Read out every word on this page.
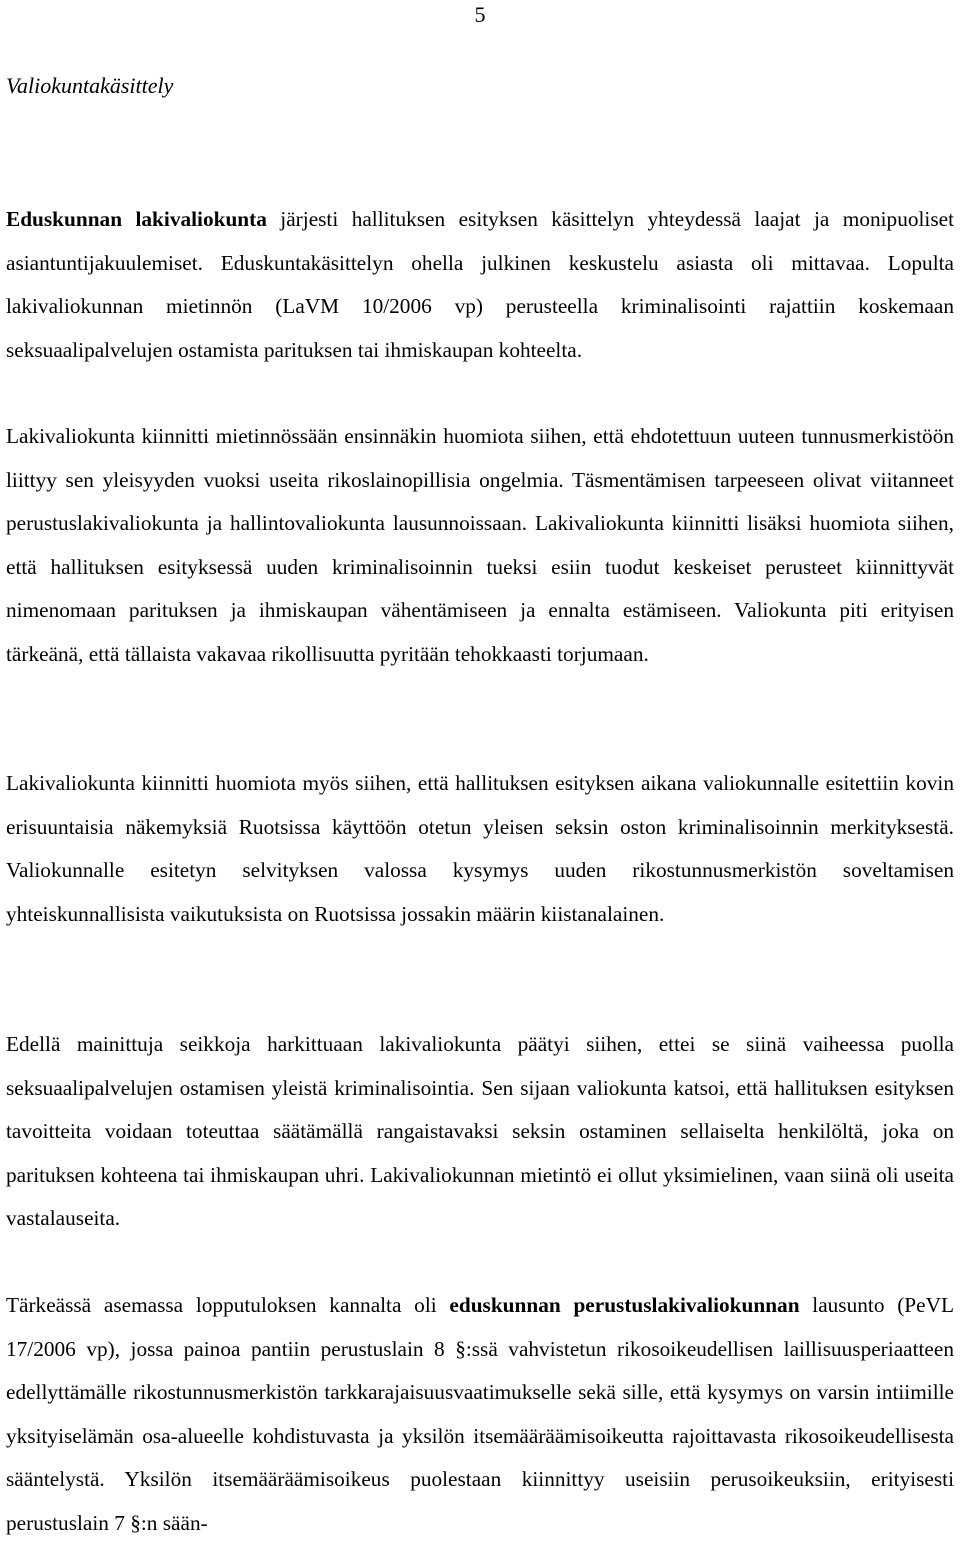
5
Valiokuntakäsittely

Eduskunnan lakivaliokunta järjesti hallituksen esityksen käsittelyn yhteydessä laajat ja monipuoliset asiantuntijakuulemiset. Eduskuntakäsittelyn ohella julkinen keskustelu asiasta oli mittavaa. Lopulta lakivaliokunnan mietinnön (LaVM 10/2006 vp) perusteella kriminalisointi rajattiin koskemaan seksuaalipalvelujen ostamista parituksen tai ihmiskaupan kohteelta.

Lakivaliokunta kiinnitti mietinnössään ensinnäkin huomiota siihen, että ehdotettuun uuteen tunnusmerkistöön liittyy sen yleisyyden vuoksi useita rikoslainopillisia ongelmia. Täsmentämisen tarpeeseen olivat viitanneet perustuslakivaliokunta ja hallintovaliokunta lausunnoissaan. Lakivaliokunta kiinnitti lisäksi huomiota siihen, että hallituksen esityksessä uuden kriminalisoinnin tueksi esiin tuodut keskeiset perusteet kiinnittyvät nimenomaan parituksen ja ihmiskaupan vähentämiseen ja ennalta estämiseen. Valiokunta piti erityisen tärkeänä, että tällaista vakavaa rikollisuutta pyritään tehokkaasti torjumaan.

Lakivaliokunta kiinnitti huomiota myös siihen, että hallituksen esityksen aikana valiokunnalle esitettiin kovin erisuuntaisia näkemyksiä Ruotsissa käyttöön otetun yleisen seksin oston kriminalisoinnin merkityksestä. Valiokunnalle esitetyn selvityksen valossa kysymys uuden rikostunnusmerkistön soveltamisen yhteiskunnallisista vaikutuksista on Ruotsissa jossakin määrin kiistanalainen.

Edellä mainittuja seikkoja harkittuaan lakivaliokunta päätyi siihen, ettei se siinä vaiheessa puolla seksuaalipalvelujen ostamisen yleistä kriminalisointia. Sen sijaan valiokunta katsoi, että hallituksen esityksen tavoitteita voidaan toteuttaa säätämällä rangaistavaksi seksin ostaminen sellaiselta henkilöltä, joka on parituksen kohteena tai ihmiskaupan uhri. Lakivaliokunnan mietintö ei ollut yksimielinen, vaan siinä oli useita vastalauseita.

Tärkeässä asemassa lopputuloksen kannalta oli eduskunnan perustuslakivaliokunnan lausunto (PeVL 17/2006 vp), jossa painoa pantiin perustuslain 8 §:ssä vahvistetun rikosoikeudellisen laillisuusperiaatteen edellyttämälle rikostunnusmerkistön tarkkarajaisuusvaatimukselle sekä sille, että kysymys on varsin intiimille yksityiselämän osa-alueelle kohdistuvasta ja yksilön itsemääräämisoikeutta rajoittavasta rikosoikeudellisesta sääntelystä. Yksilön itsemääräämisoikeus puolestaan kiinnittyy useisiin perusoikeuksiin, erityisesti perustuslain 7 §:n sään-
